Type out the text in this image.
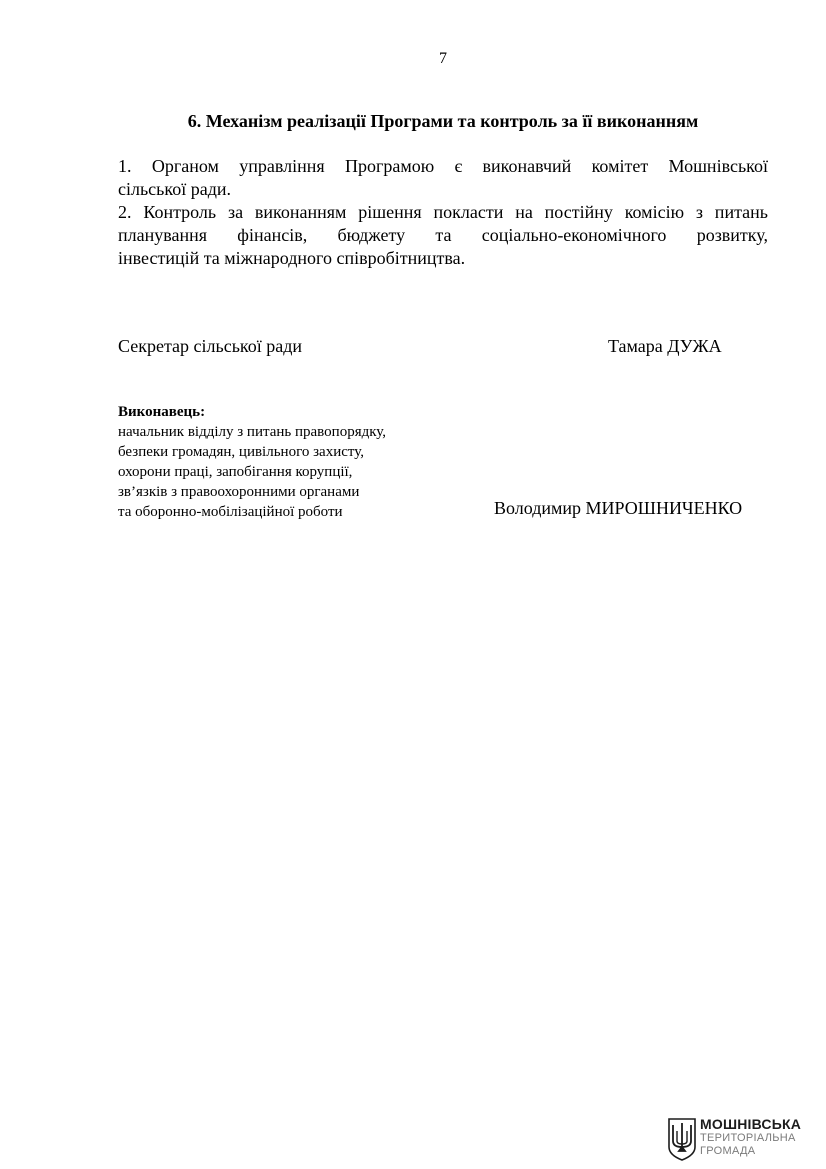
7
6. Механізм реалізації Програми та контроль за її виконанням

1. Органом управління Програмою є виконавчий комітет Мошнівської
сільської ради.

2. Контроль за виконанням рішення покласти на постійну комісію з питань
планування фінансів, бюджету та соціально-економічного розвитку,
інвестицій та міжнародного співробітництва.

Секретар сільської ради	Тамара ДУЖА
Виконавець:
начальник відділу з питань правопорядку,
безпеки громадян, цивільного захисту,
охорони праці, запобігання корупції,
зв’язків з правоохоронними органами
та оборонно-мобілізаційної роботи	Володимир МИРОШНИЧЕНКО
МОШНІВСЬКА
ТЕРИТОРІАЛЬНА
ГРОМАДА
